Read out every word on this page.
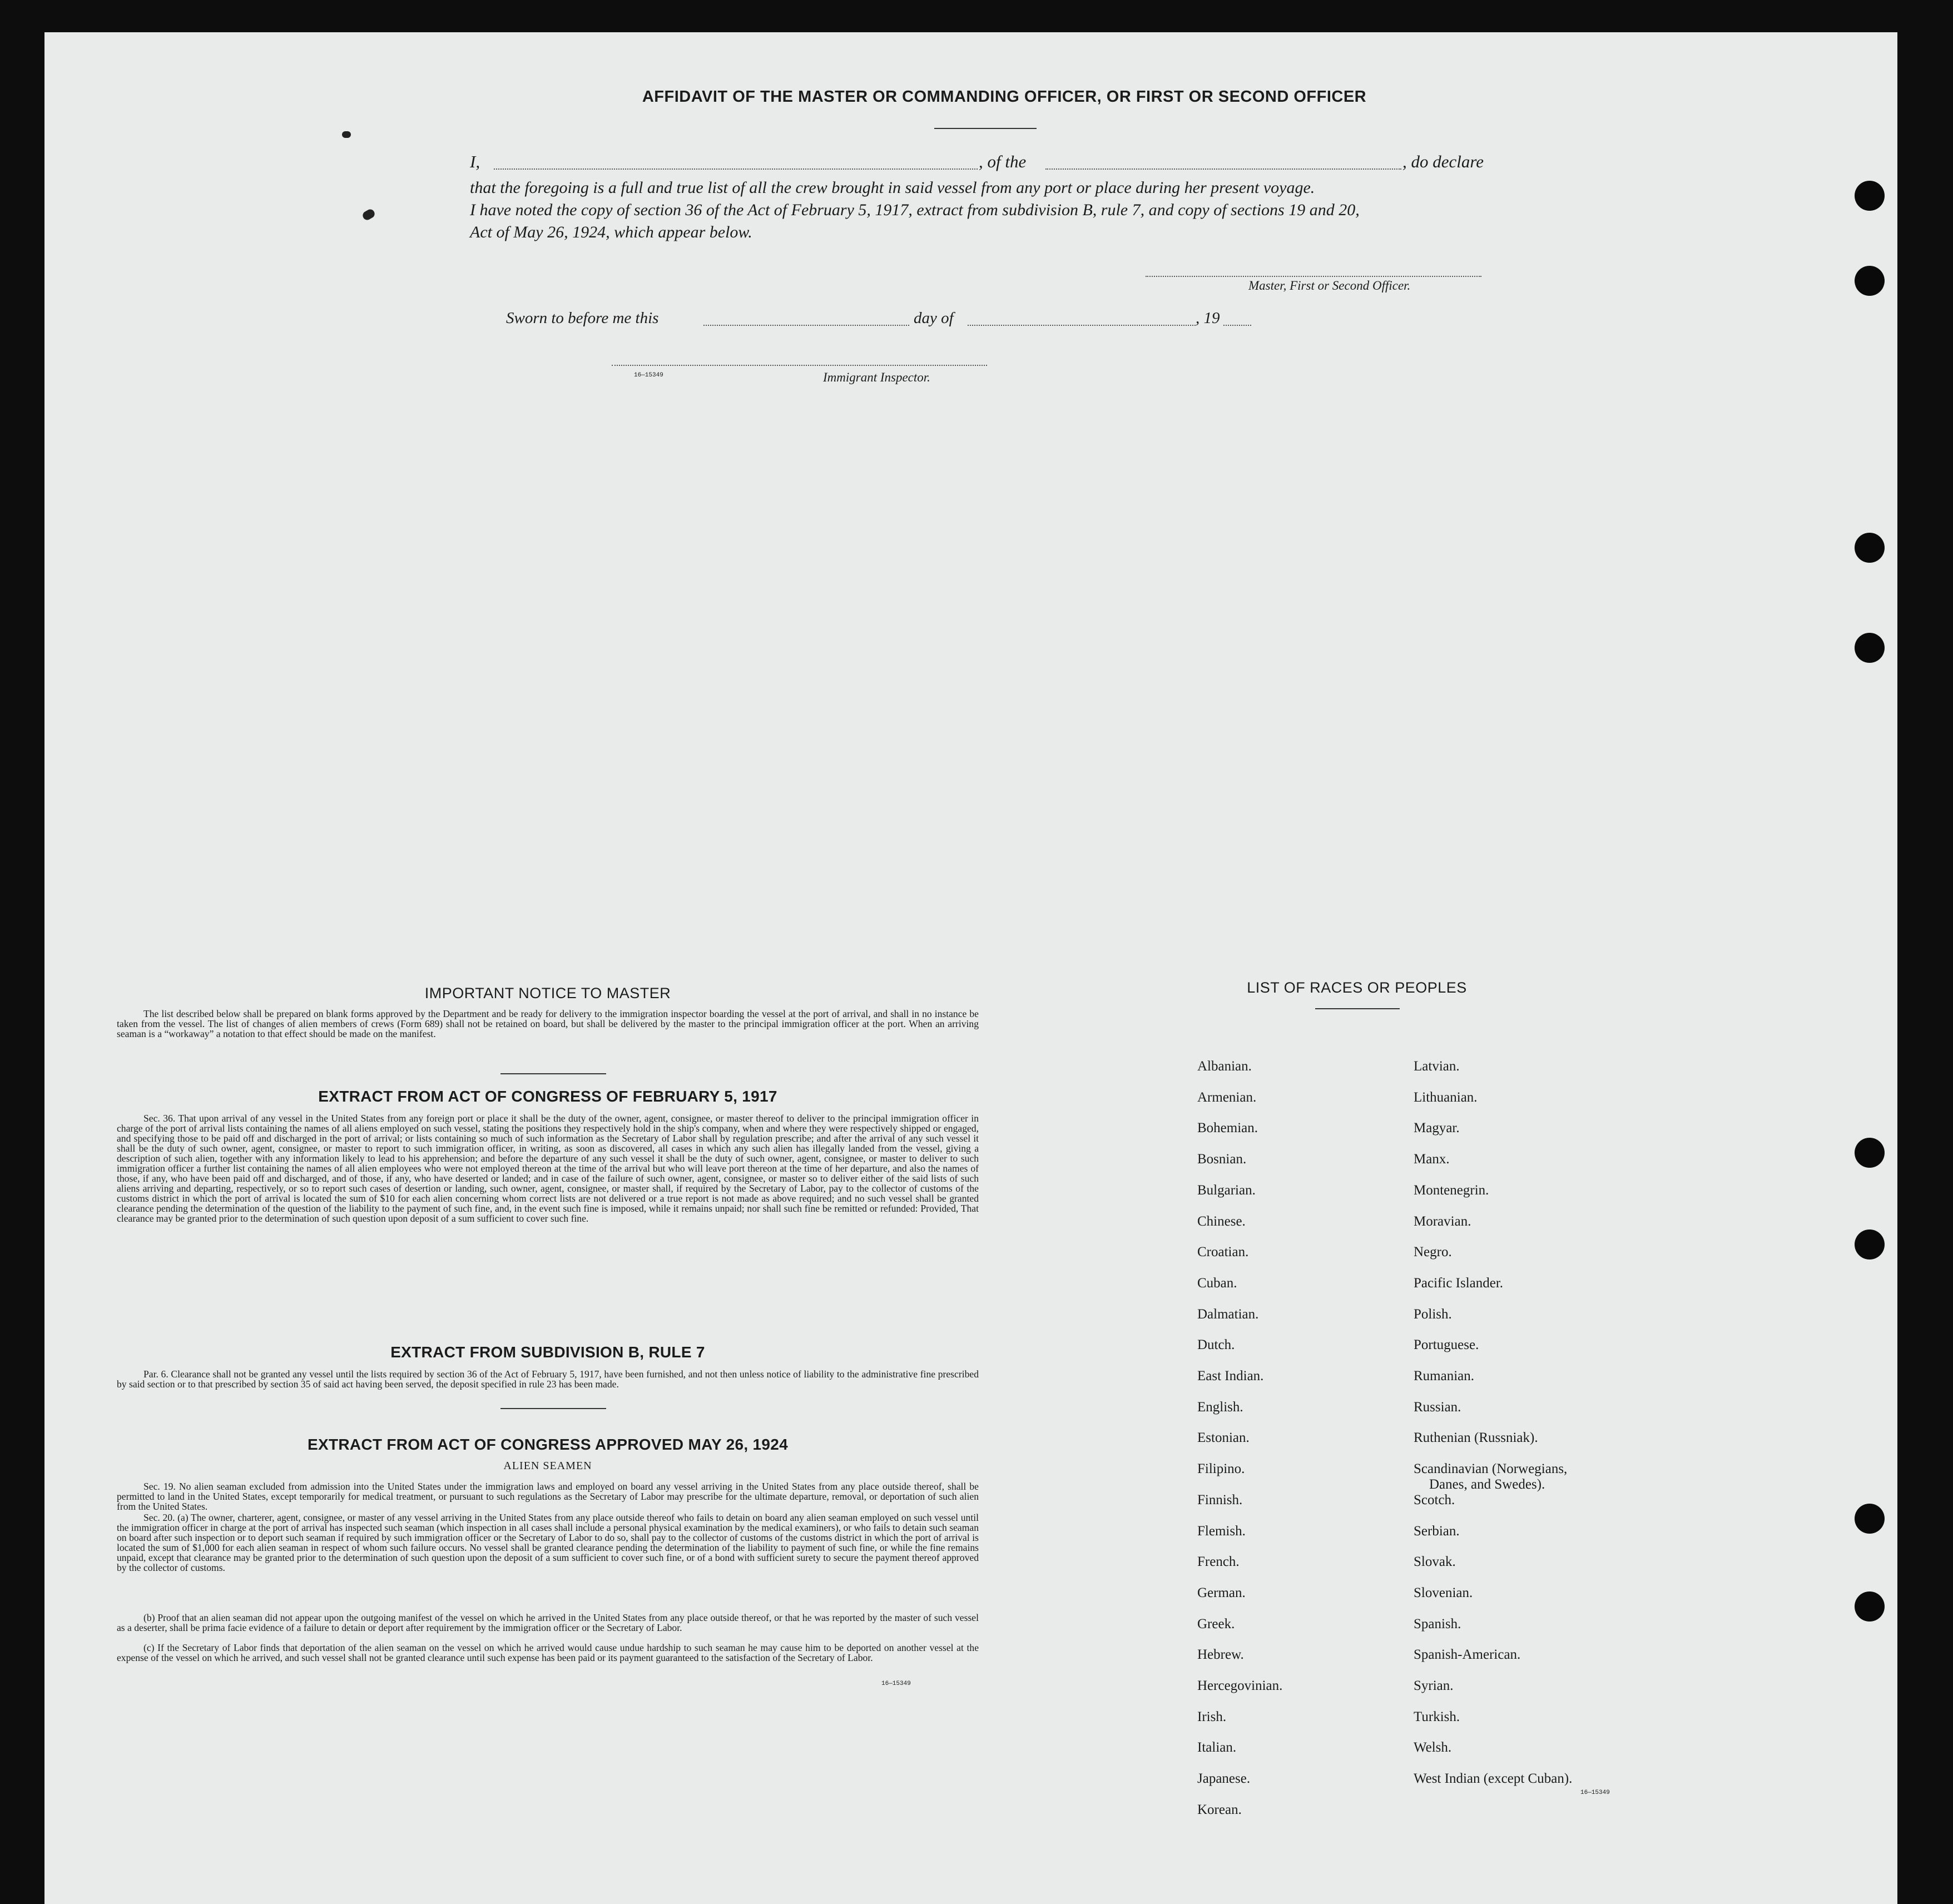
AFFIDAVIT OF THE MASTER OR COMMANDING OFFICER, OR FIRST OR SECOND OFFICER
I,	, of the	, do declare
that the foregoing is a full and true list of all the crew brought in said vessel from any port or place during her present voyage.
I have noted the copy of section 36 of the Act of February 5, 1917, extract from subdivision B, rule 7, and copy of sections 19 and 20,
Act of May 26, 1924, which appear below.
Master, First or Second Officer.
Sworn to before me this	day of	, 19
16—15349	Immigrant Inspector.
IMPORTANT NOTICE TO MASTER
The list described below shall be prepared on blank forms approved by the Department and be ready for delivery to the immigration inspector boarding the vessel at the port of arrival, and shall in no instance be taken from the vessel. The list of changes of alien members of crews (Form 689) shall not be retained on board, but shall be delivered by the master to the principal immigration officer at the port. When an arriving seaman is a “workaway” a notation to that effect should be made on the manifest.
EXTRACT FROM ACT OF CONGRESS OF FEBRUARY 5, 1917
Sec. 36. That upon arrival of any vessel in the United States from any foreign port or place it shall be the duty of the owner, agent, consignee, or master thereof to deliver to the principal immigration officer in charge of the port of arrival lists containing the names of all aliens employed on such vessel, stating the positions they respectively hold in the ship's company, when and where they were respectively shipped or engaged, and specifying those to be paid off and discharged in the port of arrival; or lists containing so much of such information as the Secretary of Labor shall by regulation prescribe; and after the arrival of any such vessel it shall be the duty of such owner, agent, consignee, or master to report to such immigration officer, in writing, as soon as discovered, all cases in which any such alien has illegally landed from the vessel, giving a description of such alien, together with any information likely to lead to his apprehension; and before the departure of any such vessel it shall be the duty of such owner, agent, consignee, or master to deliver to such immigration officer a further list containing the names of all alien employees who were not employed thereon at the time of the arrival but who will leave port thereon at the time of her departure, and also the names of those, if any, who have been paid off and discharged, and of those, if any, who have deserted or landed; and in case of the failure of such owner, agent, consignee, or master so to deliver either of the said lists of such aliens arriving and departing, respectively, or so to report such cases of desertion or landing, such owner, agent, consignee, or master shall, if required by the Secretary of Labor, pay to the collector of customs of the customs district in which the port of arrival is located the sum of $10 for each alien concerning whom correct lists are not delivered or a true report is not made as above required; and no such vessel shall be granted clearance pending the determination of the question of the liability to the payment of such fine, and, in the event such fine is imposed, while it remains unpaid; nor shall such fine be remitted or refunded: Provided, That clearance may be granted prior to the determination of such question upon deposit of a sum sufficient to cover such fine.
EXTRACT FROM SUBDIVISION B, RULE 7
Par. 6. Clearance shall not be granted any vessel until the lists required by section 36 of the Act of February 5, 1917, have been furnished, and not then unless notice of liability to the administrative fine prescribed by said section or to that prescribed by section 35 of said act having been served, the deposit specified in rule 23 has been made.
EXTRACT FROM ACT OF CONGRESS APPROVED MAY 26, 1924
ALIEN SEAMEN
Sec. 19. No alien seaman excluded from admission into the United States under the immigration laws and employed on board any vessel arriving in the United States from any place outside thereof, shall be permitted to land in the United States, except temporarily for medical treatment, or pursuant to such regulations as the Secretary of Labor may prescribe for the ultimate departure, removal, or deportation of such alien from the United States.
Sec. 20. (a) The owner, charterer, agent, consignee, or master of any vessel arriving in the United States from any place outside thereof who fails to detain on board any alien seaman employed on such vessel until the immigration officer in charge at the port of arrival has inspected such seaman (which inspection in all cases shall include a personal physical examination by the medical examiners), or who fails to detain such seaman on board after such inspection or to deport such seaman if required by such immigration officer or the Secretary of Labor to do so, shall pay to the collector of customs of the customs district in which the port of arrival is located the sum of $1,000 for each alien seaman in respect of whom such failure occurs. No vessel shall be granted clearance pending the determination of the liability to payment of such fine, or while the fine remains unpaid, except that clearance may be granted prior to the determination of such question upon the deposit of a sum sufficient to cover such fine, or of a bond with sufficient surety to secure the payment thereof approved by the collector of customs.
(b) Proof that an alien seaman did not appear upon the outgoing manifest of the vessel on which he arrived in the United States from any place outside thereof, or that he was reported by the master of such vessel as a deserter, shall be prima facie evidence of a failure to detain or deport after requirement by the immigration officer or the Secretary of Labor.
(c) If the Secretary of Labor finds that deportation of the alien seaman on the vessel on which he arrived would cause undue hardship to such seaman he may cause him to be deported on another vessel at the expense of the vessel on which he arrived, and such vessel shall not be granted clearance until such expense has been paid or its payment guaranteed to the satisfaction of the Secretary of Labor.
16—15349
LIST OF RACES OR PEOPLES
16—15349
Albanian.
Armenian.
Bohemian.
Bosnian.
Bulgarian.
Chinese.
Croatian.
Cuban.
Dalmatian.
Dutch.
East Indian.
English.
Estonian.
Filipino.
Finnish.
Flemish.
French.
German.
Greek.
Hebrew.
Hercegovinian.
Irish.
Italian.
Japanese.
Korean.
Latvian.
Lithuanian.
Magyar.
Manx.
Montenegrin.
Moravian.
Negro.
Pacific Islander.
Polish.
Portuguese.
Rumanian.
Russian.
Ruthenian (Russniak).
Scandinavian (Norwegians,
Danes, and Swedes).
Scotch.
Serbian.
Slovak.
Slovenian.
Spanish.
Spanish-American.
Syrian.
Turkish.
Welsh.
West Indian (except Cuban).
